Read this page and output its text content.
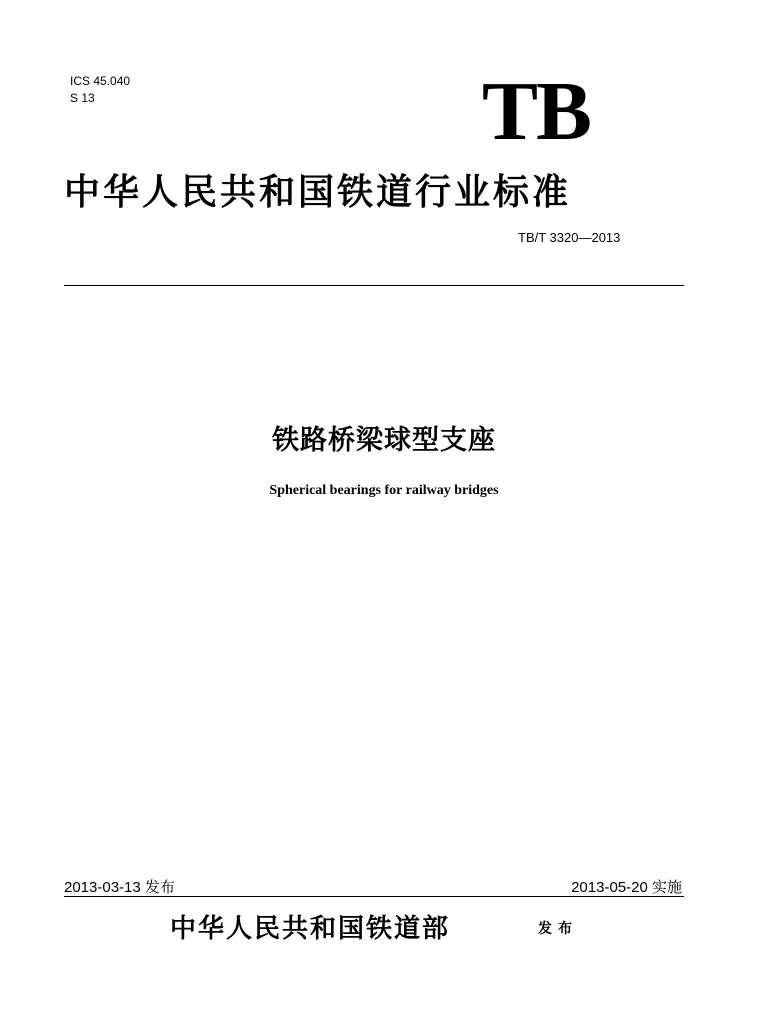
ICS 45.040
S 13	TB
中华人民共和国铁道行业标准
TB/T 3320—2013
铁路桥梁球型支座
Spherical bearings for railway bridges
2013-03-13 发布	2013-05-20 实施
中华人民共和国铁道部	发布
